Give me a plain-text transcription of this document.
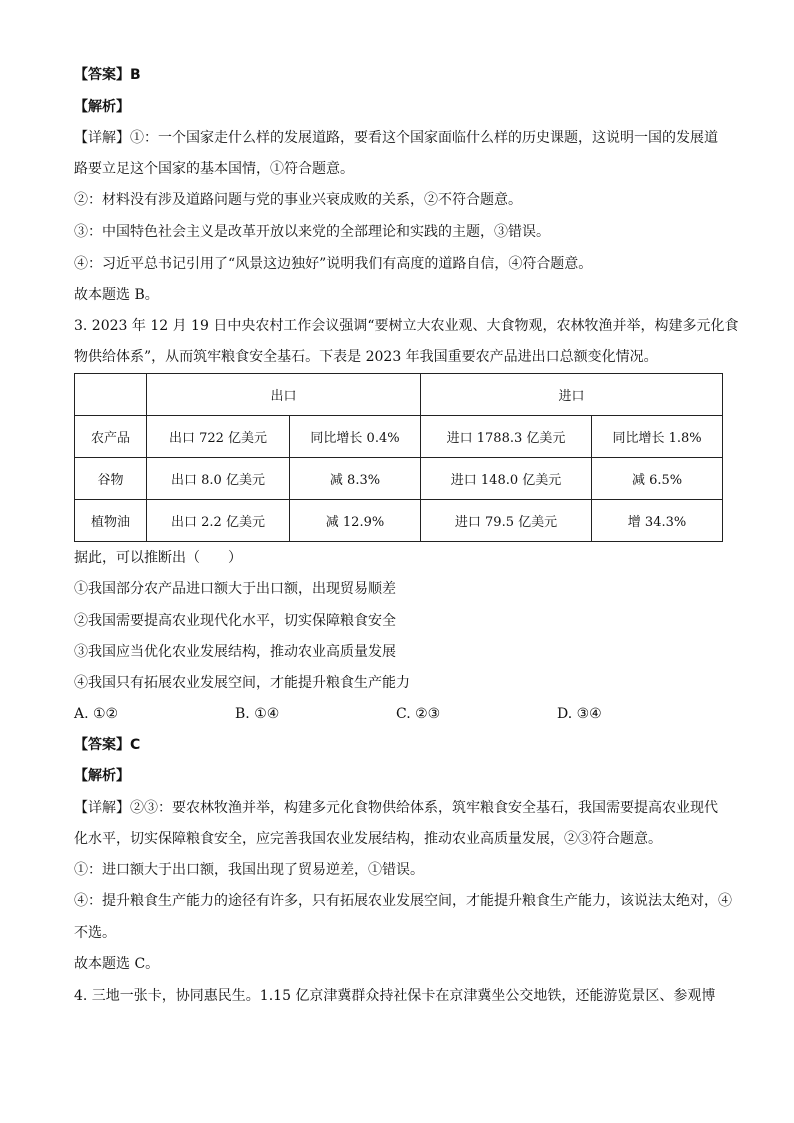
【答案】B
【解析】
【详解】①：一个国家走什么样的发展道路，要看这个国家面临什么样的历史课题，这说明一国的发展道
路要立足这个国家的基本国情，①符合题意。
②：材料没有涉及道路问题与党的事业兴衰成败的关系，②不符合题意。
③：中国特色社会主义是改革开放以来党的全部理论和实践的主题，③错误。
④：习近平总书记引用了“风景这边独好”说明我们有高度的道路自信，④符合题意。
故本题选 B。
3. 2023 年 12 月 19 日中央农村工作会议强调“要树立大农业观、大食物观，农林牧渔并举，构建多元化食
物供给体系”，从而筑牢粮食安全基石。下表是 2023 年我国重要农产品进出口总额变化情况。
	出口		进口	
农产品	出口 722 亿美元	同比增长 0.4%	进口 1788.3 亿美元	同比增长 1.8%
谷物	出口 8.0 亿美元	减 8.3%	进口 148.0 亿美元	减 6.5%
植物油	出口 2.2 亿美元	减 12.9%	进口 79.5 亿美元	增 34.3%
据此，可以推断出（　　）
①我国部分农产品进口额大于出口额，出现贸易顺差
②我国需要提高农业现代化水平，切实保障粮食安全
③我国应当优化农业发展结构，推动农业高质量发展
④我国只有拓展农业发展空间，才能提升粮食生产能力
A. ①②	B. ①④	C. ②③	D. ③④
【答案】C
【解析】
【详解】②③：要农林牧渔并举，构建多元化食物供给体系，筑牢粮食安全基石，我国需要提高农业现代
化水平，切实保障粮食安全，应完善我国农业发展结构，推动农业高质量发展，②③符合题意。
①：进口额大于出口额，我国出现了贸易逆差，①错误。
④：提升粮食生产能力的途径有许多，只有拓展农业发展空间，才能提升粮食生产能力，该说法太绝对，④
不选。
故本题选 C。
4. 三地一张卡，协同惠民生。1.15 亿京津冀群众持社保卡在京津冀坐公交地铁，还能游览景区、参观博
